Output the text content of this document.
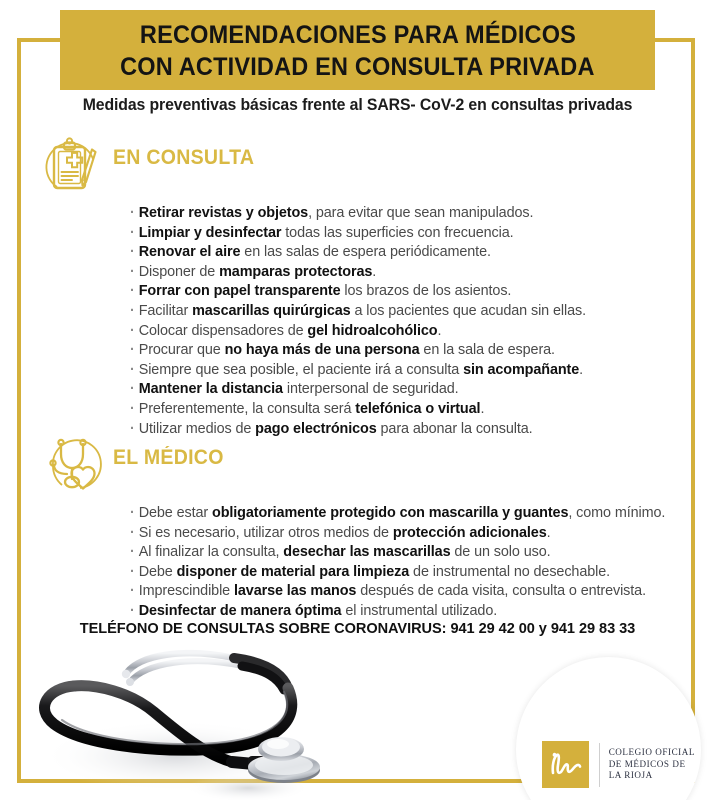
RECOMENDACIONES PARA MÉDICOS
CON ACTIVIDAD EN CONSULTA PRIVADA
Medidas preventivas básicas frente al SARS- CoV-2 en consultas privadas
EN CONSULTA
· Retirar revistas y objetos, para evitar que sean manipulados.
· Limpiar y desinfectar todas las superficies con frecuencia.
· Renovar el aire en las salas de espera periódicamente.
· Disponer de mamparas protectoras.
· Forrar con papel transparente los brazos de los asientos.
· Facilitar mascarillas quirúrgicas a los pacientes que acudan sin ellas.
· Colocar dispensadores de gel hidroalcohólico.
· Procurar que no haya más de una persona en la sala de espera.
· Siempre que sea posible, el paciente irá a consulta sin acompañante.
· Mantener la distancia interpersonal de seguridad.
· Preferentemente, la consulta será telefónica o virtual.
· Utilizar medios de pago electrónicos para abonar la consulta.
EL MÉDICO
· Debe estar obligatoriamente protegido con mascarilla y guantes, como mínimo.
· Si es necesario, utilizar otros medios de protección adicionales.
· Al finalizar la consulta, desechar las mascarillas de un solo uso.
· Debe disponer de material para limpieza de instrumental no desechable.
· Imprescindible lavarse las manos después de cada visita, consulta o entrevista.
· Desinfectar de manera óptima el instrumental utilizado.
TELÉFONO DE CONSULTAS SOBRE CORONAVIRUS: 941 29 42 00 y 941 29 83 33
COLEGIO OFICIAL
DE MÉDICOS DE
LA RIOJA
